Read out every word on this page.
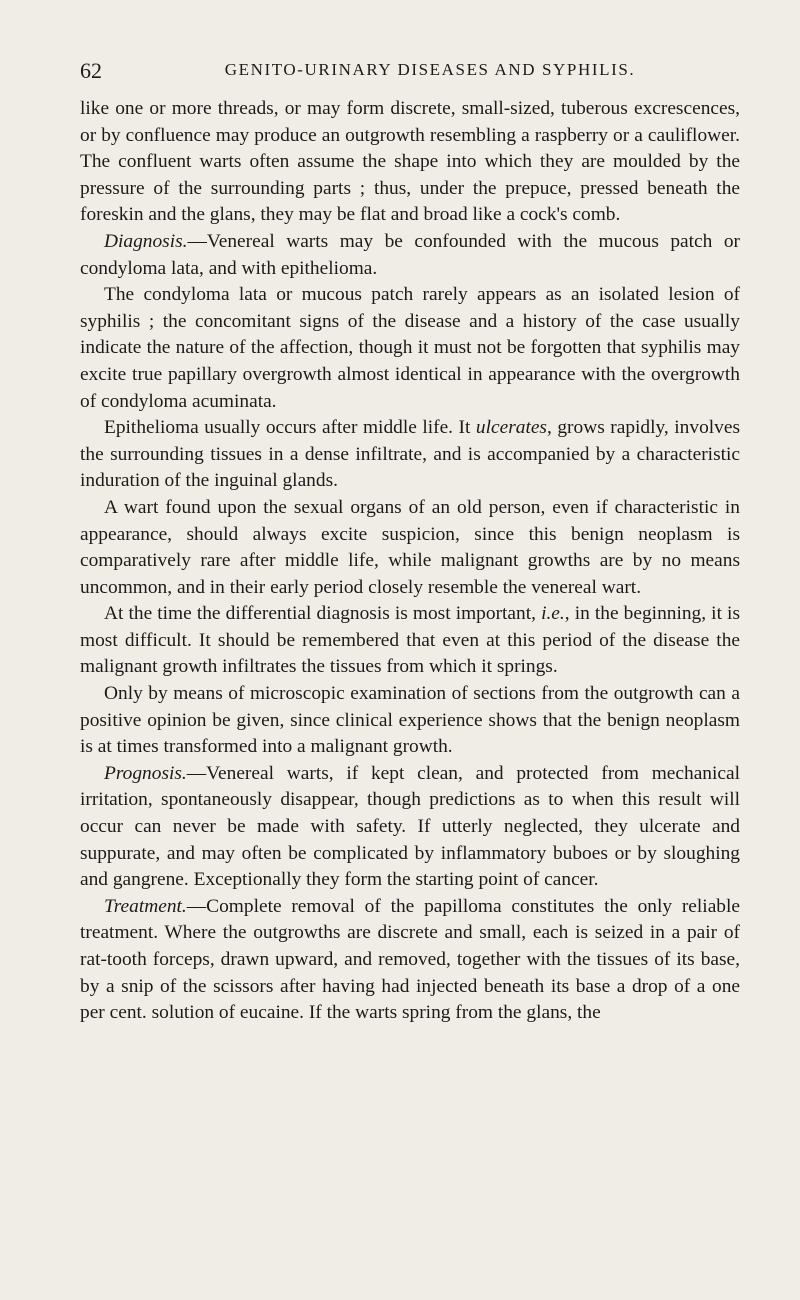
62	GENITO-URINARY DISEASES AND SYPHILIS.

like one or more threads, or may form discrete, small-sized, tuberous excrescences, or by confluence may produce an outgrowth resembling a raspberry or a cauliflower. The confluent warts often assume the shape into which they are moulded by the pressure of the surrounding parts ; thus, under the prepuce, pressed beneath the foreskin and the glans, they may be flat and broad like a cock's comb.

Diagnosis.—Venereal warts may be confounded with the mucous patch or condyloma lata, and with epithelioma.

The condyloma lata or mucous patch rarely appears as an isolated lesion of syphilis ; the concomitant signs of the disease and a history of the case usually indicate the nature of the affection, though it must not be forgotten that syphilis may excite true papillary overgrowth almost identical in appearance with the overgrowth of condyloma acuminata.

Epithelioma usually occurs after middle life. It ulcerates, grows rapidly, involves the surrounding tissues in a dense infiltrate, and is accompanied by a characteristic induration of the inguinal glands.

A wart found upon the sexual organs of an old person, even if characteristic in appearance, should always excite suspicion, since this benign neoplasm is comparatively rare after middle life, while malignant growths are by no means uncommon, and in their early period closely resemble the venereal wart.

At the time the differential diagnosis is most important, i.e., in the beginning, it is most difficult. It should be remembered that even at this period of the disease the malignant growth infiltrates the tissues from which it springs.

Only by means of microscopic examination of sections from the outgrowth can a positive opinion be given, since clinical experience shows that the benign neoplasm is at times transformed into a malignant growth.

Prognosis.—Venereal warts, if kept clean, and protected from mechanical irritation, spontaneously disappear, though predictions as to when this result will occur can never be made with safety. If utterly neglected, they ulcerate and suppurate, and may often be complicated by inflammatory buboes or by sloughing and gangrene. Exceptionally they form the starting point of cancer.

Treatment.—Complete removal of the papilloma constitutes the only reliable treatment. Where the outgrowths are discrete and small, each is seized in a pair of rat-tooth forceps, drawn upward, and removed, together with the tissues of its base, by a snip of the scissors after having had injected beneath its base a drop of a one per cent. solution of eucaine. If the warts spring from the glans, the
